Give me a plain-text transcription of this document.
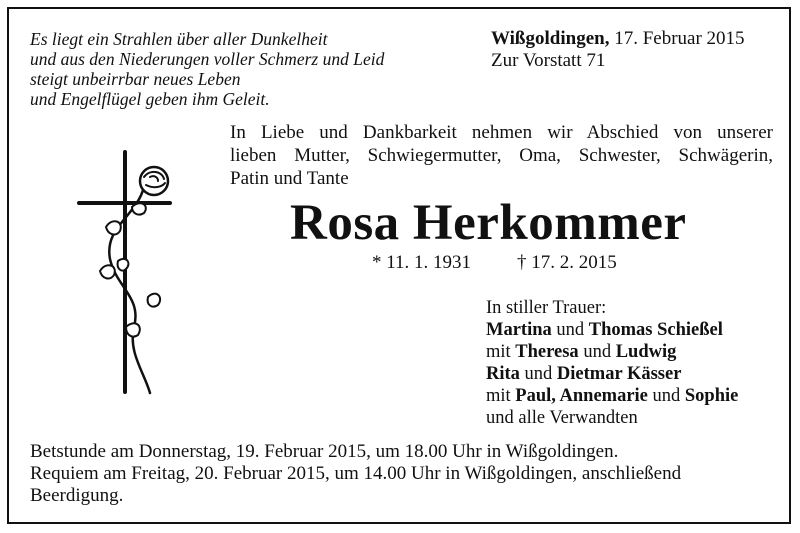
Es liegt ein Strahlen über aller Dunkelheit
und aus den Niederungen voller Schmerz und Leid
steigt unbeirrbar neues Leben
und Engelflügel geben ihm Geleit.
Wißgoldingen, 17. Februar 2015
Zur Vorstatt 71
In Liebe und Dankbarkeit nehmen wir Abschied von unserer
lieben Mutter, Schwiegermutter, Oma, Schwester, Schwägerin,
Patin und Tante
Rosa Herkommer
* 11. 1. 1931 † 17. 2. 2015
In stiller Trauer:
Martina und Thomas Schießel
mit Theresa und Ludwig
Rita und Dietmar Kässer
mit Paul, Annemarie und Sophie
und alle Verwandten
Betstunde am Donnerstag, 19. Februar 2015, um 18.00 Uhr in Wißgoldingen.
Requiem am Freitag, 20. Februar 2015, um 14.00 Uhr in Wißgoldingen, anschließend
Beerdigung.
